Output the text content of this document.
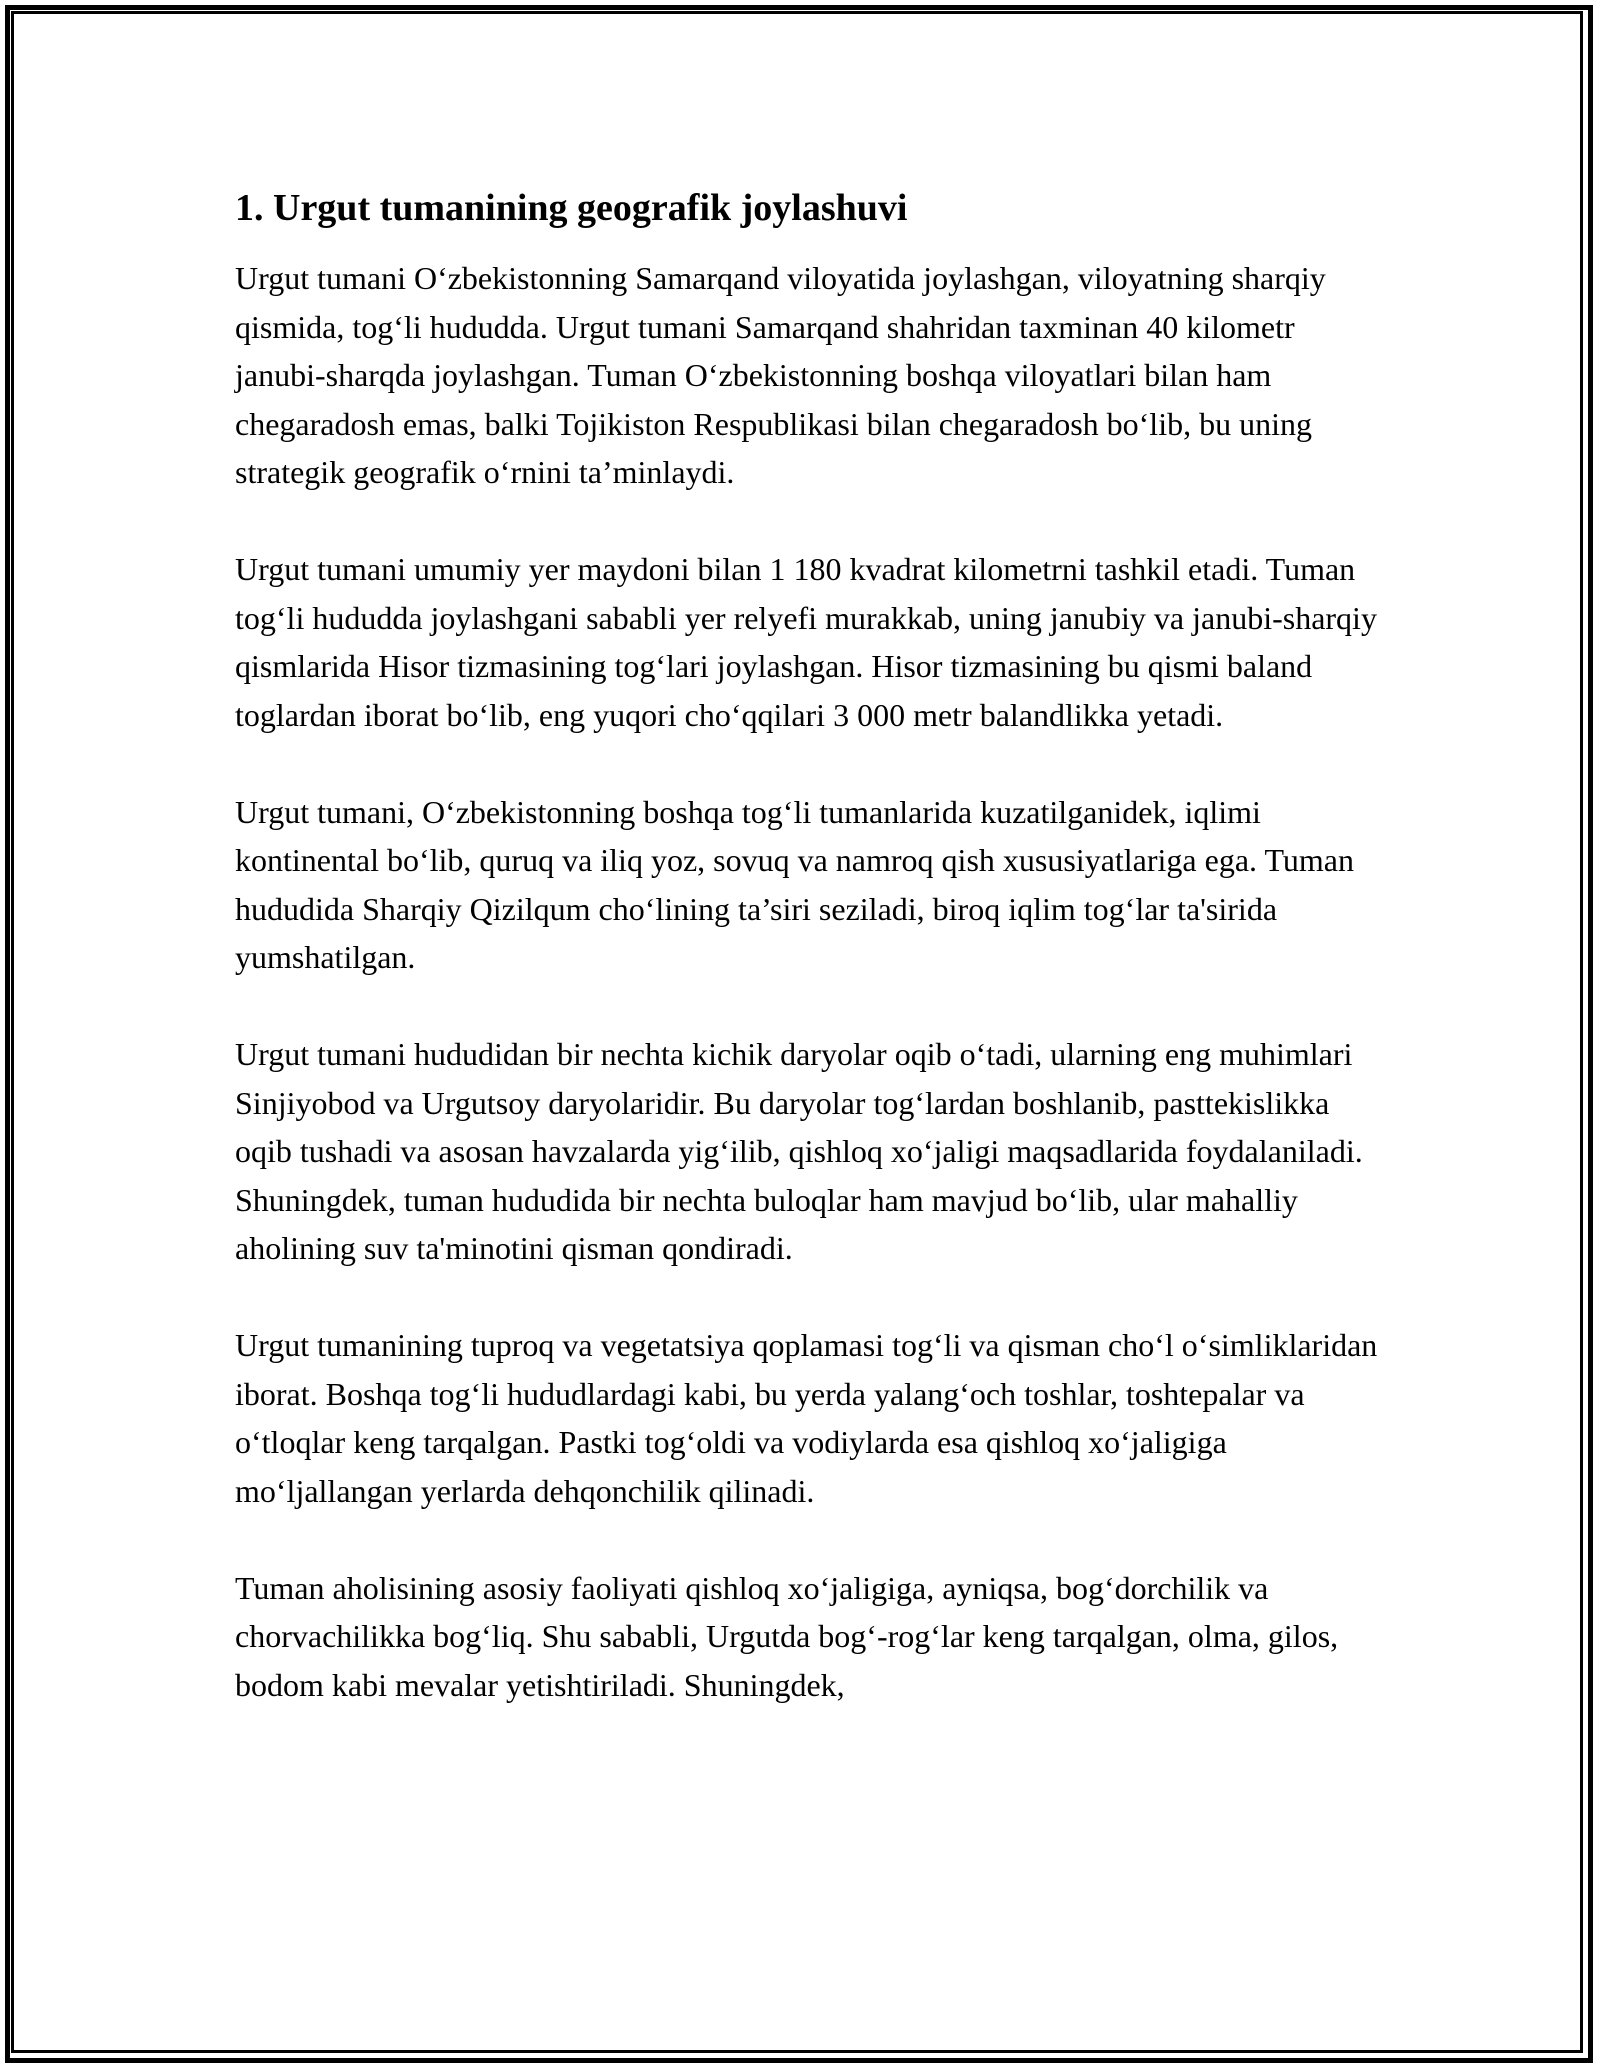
1. Urgut tumanining geografik joylashuvi

Urgut tumani O‘zbekistonning Samarqand viloyatida joylashgan, viloyatning sharqiy qismida, tog‘li hududda. Urgut tumani Samarqand shahridan taxminan 40 kilometr janubi-sharqda joylashgan. Tuman O‘zbekistonning boshqa viloyatlari bilan ham chegaradosh emas, balki Tojikiston Respublikasi bilan chegaradosh bo‘lib, bu uning strategik geografik o‘rnini ta’minlaydi.

Urgut tumani umumiy yer maydoni bilan 1 180 kvadrat kilometrni tashkil etadi. Tuman tog‘li hududda joylashgani sababli yer relyefi murakkab, uning janubiy va janubi-sharqiy qismlarida Hisor tizmasining tog‘lari joylashgan. Hisor tizmasining bu qismi baland toglardan iborat bo‘lib, eng yuqori cho‘qqilari 3 000 metr balandlikka yetadi.

Urgut tumani, O‘zbekistonning boshqa tog‘li tumanlarida kuzatilganidek, iqlimi kontinental bo‘lib, quruq va iliq yoz, sovuq va namroq qish xususiyatlariga ega. Tuman hududida Sharqiy Qizilqum cho‘lining ta’siri seziladi, biroq iqlim tog‘lar ta'sirida yumshatilgan.

Urgut tumani hududidan bir nechta kichik daryolar oqib o‘tadi, ularning eng muhimlari Sinjiyobod va Urgutsoy daryolaridir. Bu daryolar tog‘lardan boshlanib, pasttekislikka oqib tushadi va asosan havzalarda yig‘ilib, qishloq xo‘jaligi maqsadlarida foydalaniladi. Shuningdek, tuman hududida bir nechta buloqlar ham mavjud bo‘lib, ular mahalliy aholining suv ta'minotini qisman qondiradi.

Urgut tumanining tuproq va vegetatsiya qoplamasi tog‘li va qisman cho‘l o‘simliklaridan iborat. Boshqa tog‘li hududlardagi kabi, bu yerda yalang‘och toshlar, toshtepalar va o‘tloqlar keng tarqalgan. Pastki tog‘oldi va vodiylarda esa qishloq xo‘jaligiga mo‘ljallangan yerlarda dehqonchilik qilinadi.

Tuman aholisining asosiy faoliyati qishloq xo‘jaligiga, ayniqsa, bog‘dorchilik va chorvachilikka bog‘liq. Shu sababli, Urgutda bog‘-rog‘lar keng tarqalgan, olma, gilos, bodom kabi mevalar yetishtiriladi. Shuningdek,
